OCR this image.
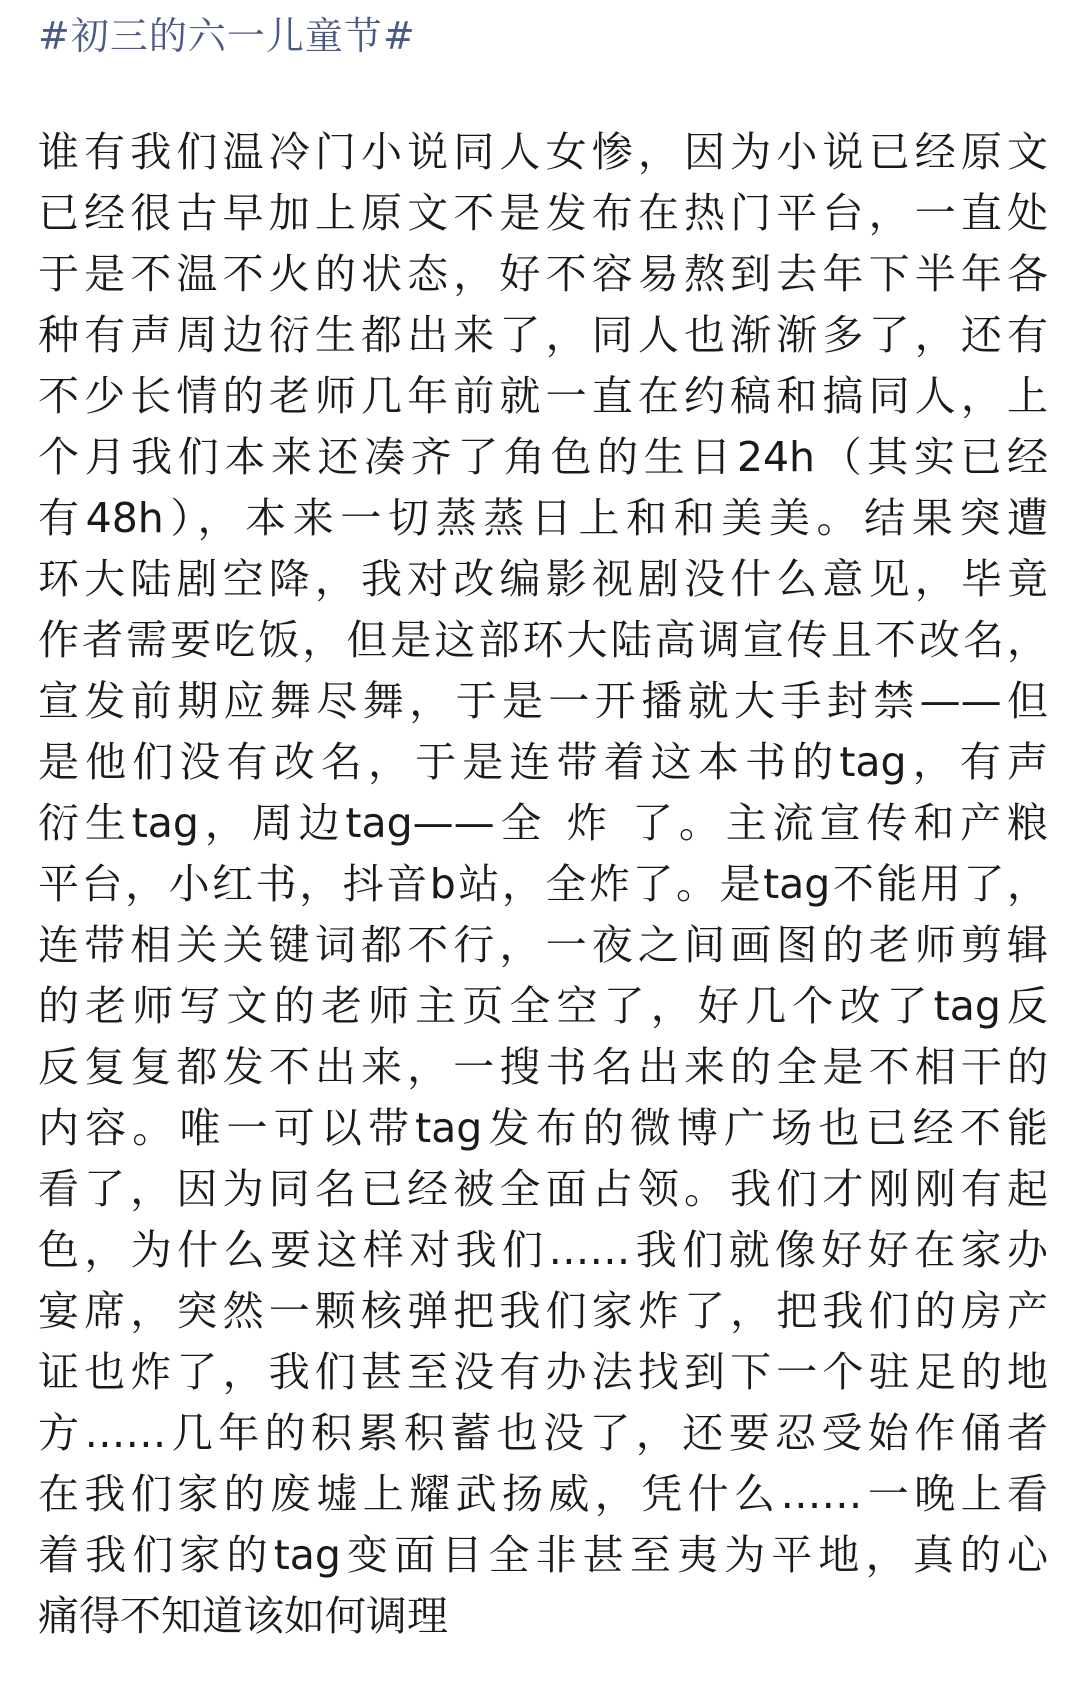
#初三的六一儿童节#
谁有我们温冷门小说同人女惨，因为小说已经原文
已经很古早加上原文不是发布在热门平台，一直处
于是不温不火的状态，好不容易熬到去年下半年各
种有声周边衍生都出来了，同人也渐渐多了，还有
不少长情的老师几年前就一直在约稿和搞同人，上
个月我们本来还凑齐了角色的生日24h（其实已经
有48h），本来一切蒸蒸日上和和美美。结果突遭
环大陆剧空降，我对改编影视剧没什么意见，毕竟
作者需要吃饭，但是这部环大陆高调宣传且不改名，
宣发前期应舞尽舞，于是一开播就大手封禁——但
是他们没有改名，于是连带着这本书的tag，有声
衍生tag，周边tag——全 炸 了。主流宣传和产粮
平台，小红书，抖音b站，全炸了。是tag不能用了，
连带相关关键词都不行，一夜之间画图的老师剪辑
的老师写文的老师主页全空了，好几个改了tag反
反复复都发不出来，一搜书名出来的全是不相干的
内容。唯一可以带tag发布的微博广场也已经不能
看了，因为同名已经被全面占领。我们才刚刚有起
色，为什么要这样对我们……我们就像好好在家办
宴席，突然一颗核弹把我们家炸了，把我们的房产
证也炸了，我们甚至没有办法找到下一个驻足的地
方……几年的积累积蓄也没了，还要忍受始作俑者
在我们家的废墟上耀武扬威，凭什么……一晚上看
着我们家的tag变面目全非甚至夷为平地，真的心
痛得不知道该如何调理
